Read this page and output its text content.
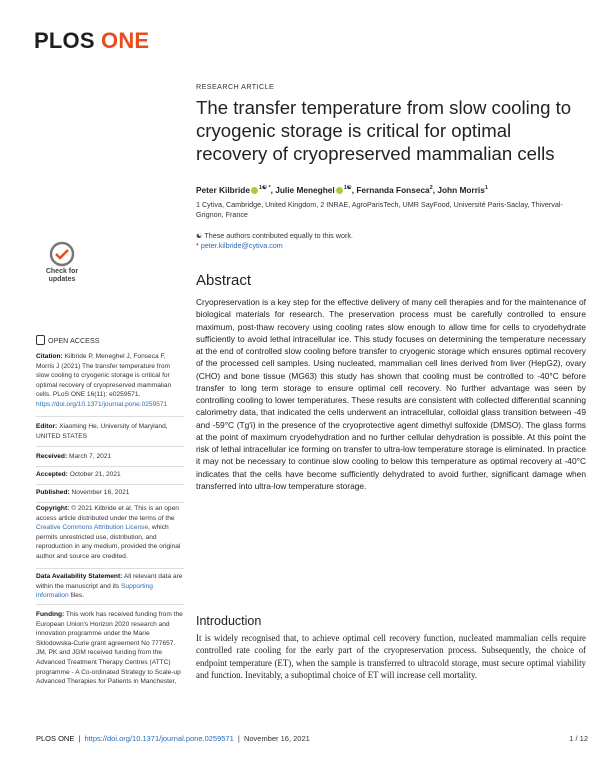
PLOS ONE
RESEARCH ARTICLE
The transfer temperature from slow cooling to cryogenic storage is critical for optimal recovery of cryopreserved mammalian cells
Peter Kilbride $^{1☯ *}$, Julie Meneghel $^{1☯}$, Fernanda Fonseca$^2$, John Morris$^1$
1 Cytiva, Cambridge, United Kingdom, 2 INRAE, AgroParisTech, UMR SayFood, Université Paris-Saclay, Thiverval-Grignon, France
☯ These authors contributed equally to this work.
* peter.kilbride@cytiva.com
Abstract
Cryopreservation is a key step for the effective delivery of many cell therapies and for the maintenance of biological materials for research. The preservation process must be carefully controlled to ensure maximum, post-thaw recovery using cooling rates slow enough to allow time for cells to cryodehydrate sufficiently to avoid lethal intracellular ice. This study focuses on determining the temperature necessary at the end of controlled slow cooling before transfer to cryogenic storage which ensures optimal recovery of the processed cell samples. Using nucleated, mammalian cell lines derived from liver (HepG2), ovary (CHO) and bone tissue (MG63) this study has shown that cooling must be controlled to -40°C before transfer to long term storage to ensure optimal cell recovery. No further advantage was seen by controlling cooling to lower temperatures. These results are consistent with collected differential scanning calorimetry data, that indicated the cells underwent an intracellular, colloidal glass transition between -49 and -59°C (Tg'i) in the presence of the cryoprotective agent dimethyl sulfoxide (DMSO). The glass forms at the point of maximum cryodehydration and no further cellular dehydration is possible. At this point the risk of lethal intracellular ice forming on transfer to ultra-low temperature storage is eliminated. In practice it may not be necessary to continue slow cooling to below this temperature as optimal recovery at -40°C indicates that the cells have become sufficiently dehydrated to avoid further, significant damage when transferred into ultra-low temperature storage.
Introduction
It is widely recognised that, to achieve optimal cell recovery function, nucleated mammalian cells require controlled rate cooling for the early part of the cryopreservation process. Subsequently, the choice of endpoint temperature (ET), when the sample is transferred to ultracold storage, must secure optimal viability and function. Inevitably, a suboptimal choice of ET will increase cell mortality.
Check for updates
OPEN ACCESS
Citation: Kilbride P, Meneghel J, Fonseca F, Morris J (2021) The transfer temperature from slow cooling to cryogenic storage is critical for optimal recovery of cryopreserved mammalian cells. PLoS ONE 16(11): e0259571. https://doi.org/10.1371/journal.pone.0259571
Editor: Xiaoming He, University of Maryland, UNITED STATES
Received: March 7, 2021
Accepted: October 21, 2021
Published: November 16, 2021
Copyright: © 2021 Kilbride et al. This is an open access article distributed under the terms of the Creative Commons Attribution License, which permits unrestricted use, distribution, and reproduction in any medium, provided the original author and source are credited.
Data Availability Statement: All relevant data are within the manuscript and its Supporting information files.
Funding: This work has received funding from the European Union's Horizon 2020 research and innovation programme under the Marie Sklodowska-Curie grant agreement No 777657. JM, PK and JGM received funding from the Advanced Treatment Therapy Centres (ATTC) programme - A Co-ordinated Strategy to Scale-up Advanced Therapies for Patients in Manchester,
PLOS ONE | https://doi.org/10.1371/journal.pone.0259571 | November 16, 2021	1 / 12
